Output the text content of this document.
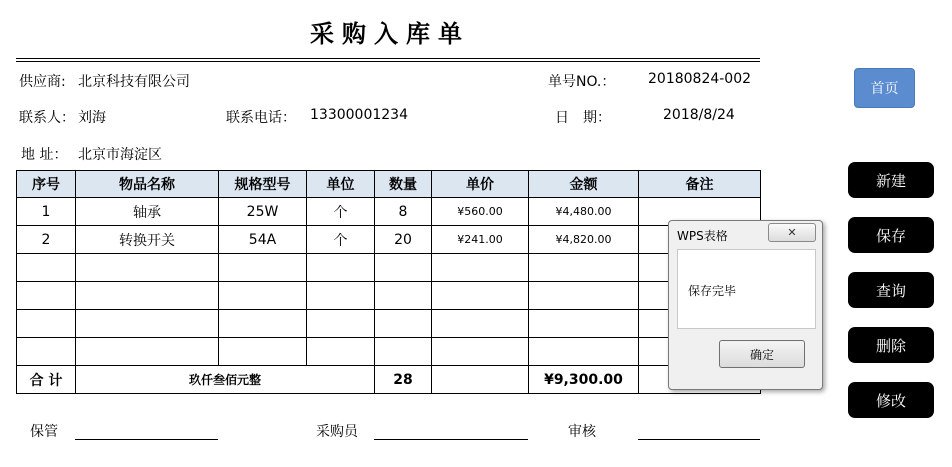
采购入库单
供应商: 北京科技有限公司	单号NO.： 20180824-002
联系人： 刘海	联系电话： 13300001234	日　期：	2018/8/24
地 址： 北京市海淀区
序号	物品名称	规格型号	单位	数量	单价	金额	备注
1	轴承	25W	个	8	¥560.00	¥4,480.00	
2	转换开关	54A	个	20	¥241.00	¥4,820.00	

合 计	玖仟叁佰元整			28		¥9,300.00	
保管	采购员	审核
首页
新建
保存
查询
删除
修改
WPS表格	✕
保存完毕
确定
